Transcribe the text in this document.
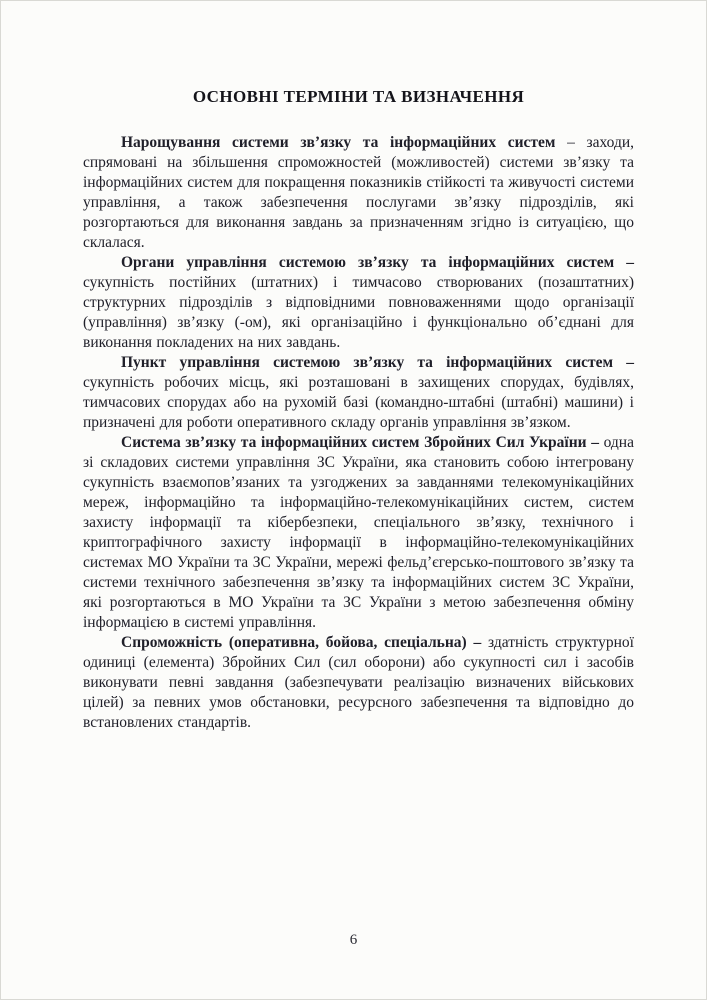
ОСНОВНІ ТЕРМІНИ ТА ВИЗНАЧЕННЯ

Нарощування системи зв’язку та інформаційних систем – заходи, спрямовані на збільшення спроможностей (можливостей) системи зв’язку та інформаційних систем для покращення показників стійкості та живучості системи управління, а також забезпечення послугами зв’язку підрозділів, які розгортаються для виконання завдань за призначенням згідно із ситуацією, що склалася.

Органи управління системою зв’язку та інформаційних систем – сукупність постійних (штатних) і тимчасово створюваних (позаштатних) структурних підрозділів з відповідними повноваженнями щодо організації (управління) зв’язку (-ом), які організаційно і функціонально об’єднані для виконання покладених на них завдань.

Пункт управління системою зв’язку та інформаційних систем – сукупність робочих місць, які розташовані в захищених спорудах, будівлях, тимчасових спорудах або на рухомій базі (командно-штабні (штабні) машини) і призначені для роботи оперативного складу органів управління зв’язком.

Система зв’язку та інформаційних систем Збройних Сил України – одна зі складових системи управління ЗС України, яка становить собою інтегровану сукупність взаємопов’язаних та узгоджених за завданнями телекомунікаційних мереж, інформаційно та інформаційно-телекомунікаційних систем, систем захисту інформації та кібербезпеки, спеціального зв’язку, технічного і криптографічного захисту інформації в інформаційно-телекомунікаційних системах МО України та ЗС України, мережі фельд’єгерсько-поштового зв’язку та системи технічного забезпечення зв’язку та інформаційних систем ЗС України, які розгортаються в МО України та ЗС України з метою забезпечення обміну інформацією в системі управління.

Спроможність (оперативна, бойова, спеціальна) – здатність структурної одиниці (елемента) Збройних Сил (сил оборони) або сукупності сил і засобів виконувати певні завдання (забезпечувати реалізацію визначених військових цілей) за певних умов обстановки, ресурсного забезпечення та відповідно до встановлених стандартів.

6
